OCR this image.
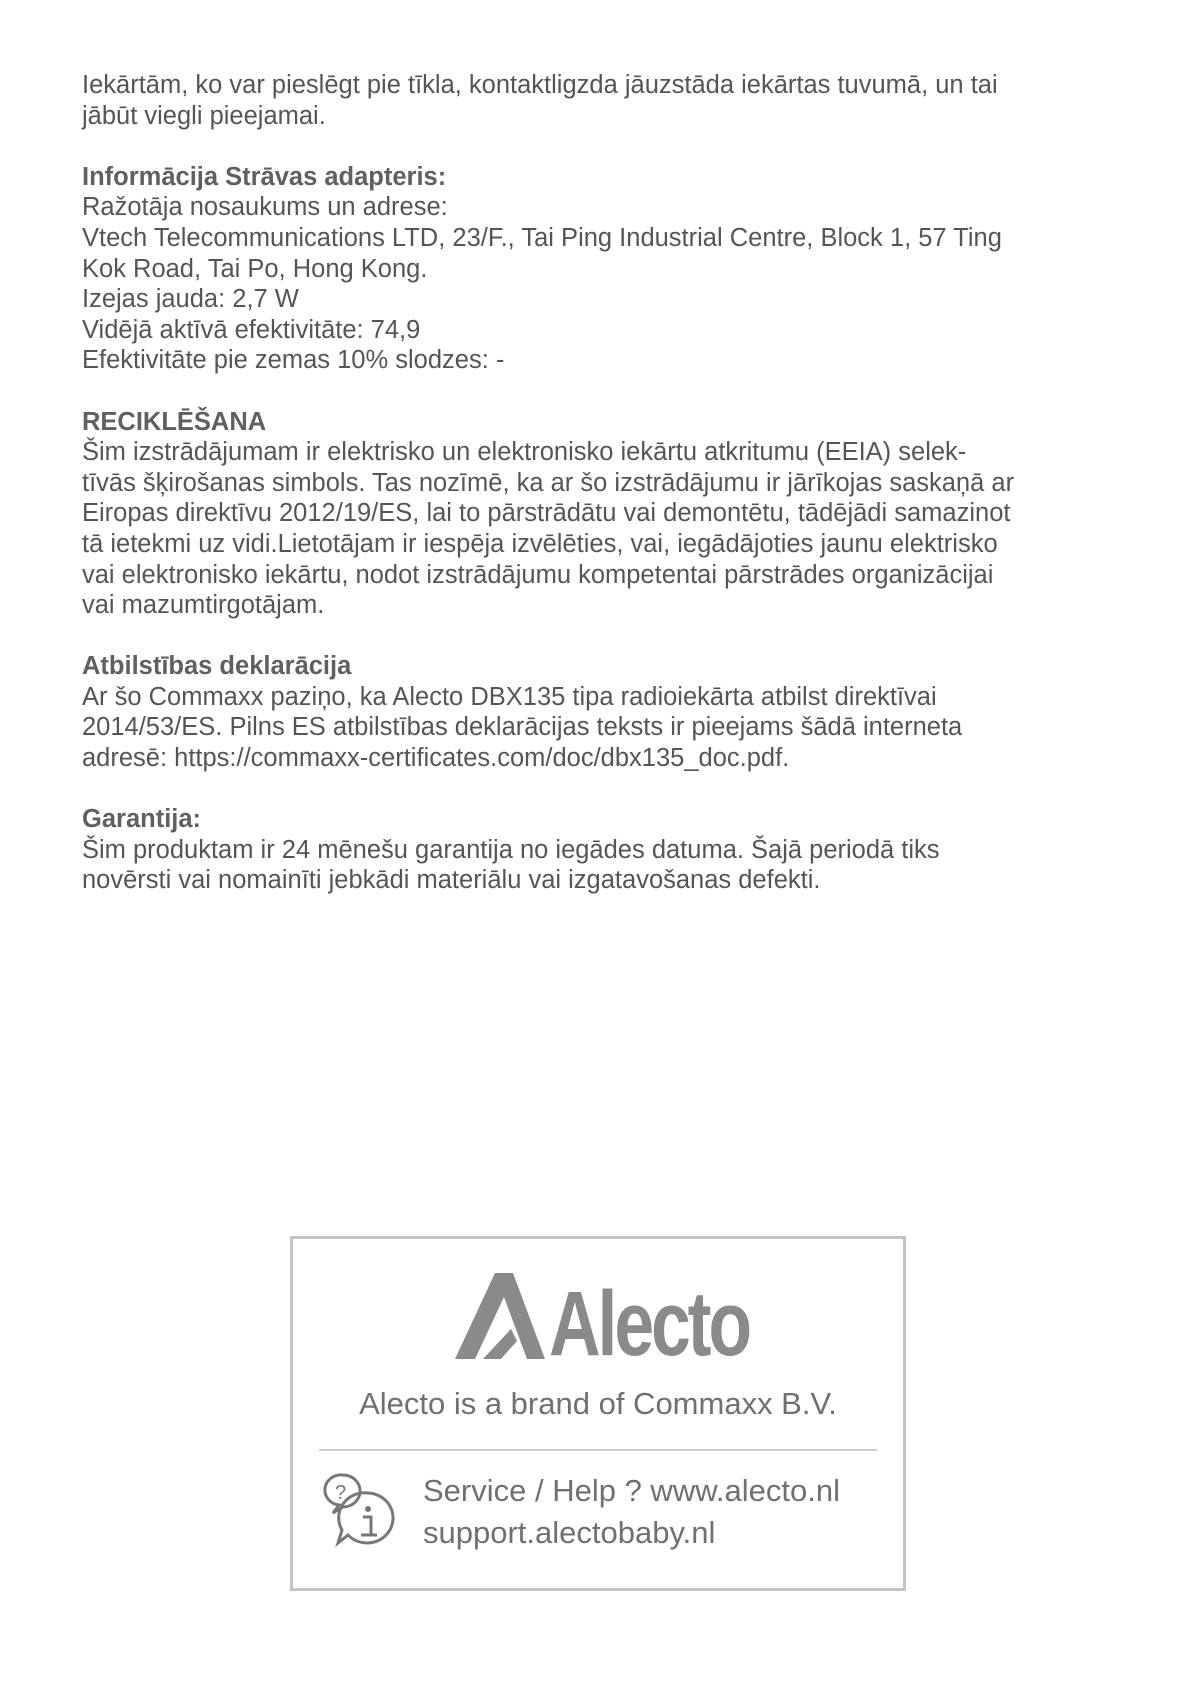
Iekārtām, ko var pieslēgt pie tīkla, kontaktligzda jāuzstāda iekārtas tuvumā, un tai
jābūt viegli pieejamai.
Informācija Strāvas adapteris:
Ražotāja nosaukums un adrese:
Vtech Telecommunications LTD, 23/F., Tai Ping Industrial Centre, Block 1, 57 Ting
Kok Road, Tai Po, Hong Kong.
Izejas jauda: 2,7 W
Vidējā aktīvā efektivitāte: 74,9
Efektivitāte pie zemas 10% slodzes: -
RECIKLĒŠANA
Šim izstrādājumam ir elektrisko un elektronisko iekārtu atkritumu (EEIA) selek-
tīvās šķirošanas simbols. Tas nozīmē, ka ar šo izstrādājumu ir jārīkojas saskaņā ar
Eiropas direktīvu 2012/19/ES, lai to pārstrādātu vai demontētu, tādējādi samazinot
tā ietekmi uz vidi.Lietotājam ir iespēja izvēlēties, vai, iegādājoties jaunu elektrisko
vai elektronisko iekārtu, nodot izstrādājumu kompetentai pārstrādes organizācijai
vai mazumtirgotājam.
Atbilstības deklarācija
Ar šo Commaxx paziņo, ka Alecto DBX135 tipa radioiekārta atbilst direktīvai
2014/53/ES. Pilns ES atbilstības deklarācijas teksts ir pieejams šādā interneta
adresē: https://commaxx-certificates.com/doc/dbx135_doc.pdf.
Garantija:
Šim produktam ir 24 mēnešu garantija no iegādes datuma. Šajā periodā tiks
novērsti vai nomainīti jebkādi materiālu vai izgatavošanas defekti.
Alecto
Alecto is a brand of Commaxx B.V.
? Service / Help ? www.alecto.nl
support.alectobaby.nl
